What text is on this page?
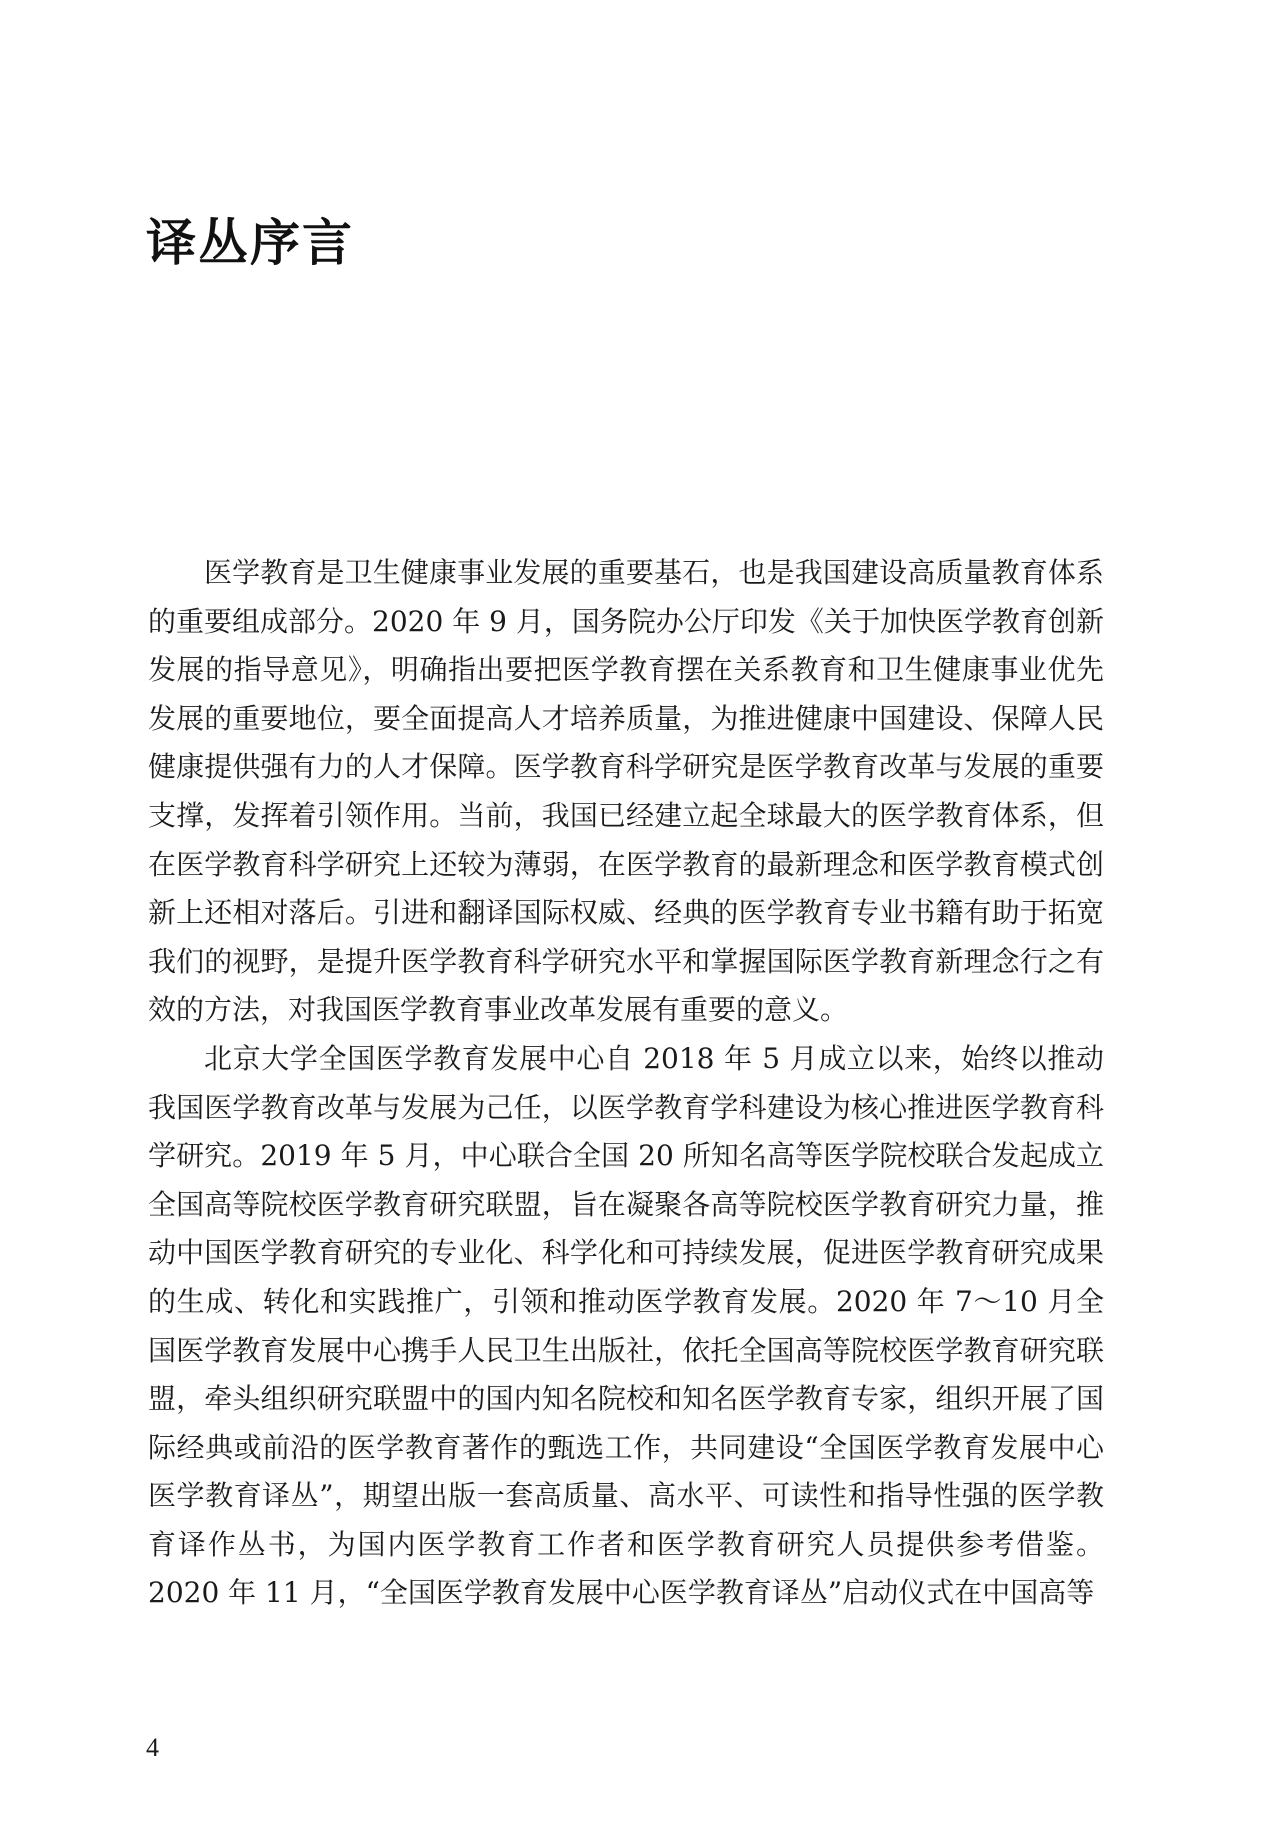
译丛序言

医学教育是卫生健康事业发展的重要基石，也是我国建设高质量教育体系的重要组成部分。2020 年 9 月，国务院办公厅印发《关于加快医学教育创新发展的指导意见》，明确指出要把医学教育摆在关系教育和卫生健康事业优先发展的重要地位，要全面提高人才培养质量，为推进健康中国建设、保障人民健康提供强有力的人才保障。医学教育科学研究是医学教育改革与发展的重要支撑，发挥着引领作用。当前，我国已经建立起全球最大的医学教育体系，但在医学教育科学研究上还较为薄弱，在医学教育的最新理念和医学教育模式创新上还相对落后。引进和翻译国际权威、经典的医学教育专业书籍有助于拓宽我们的视野，是提升医学教育科学研究水平和掌握国际医学教育新理念行之有效的方法，对我国医学教育事业改革发展有重要的意义。

北京大学全国医学教育发展中心自 2018 年 5 月成立以来，始终以推动我国医学教育改革与发展为己任，以医学教育学科建设为核心推进医学教育科学研究。2019 年 5 月，中心联合全国 20 所知名高等医学院校联合发起成立全国高等院校医学教育研究联盟，旨在凝聚各高等院校医学教育研究力量，推动中国医学教育研究的专业化、科学化和可持续发展，促进医学教育研究成果的生成、转化和实践推广，引领和推动医学教育发展。2020 年 7～10 月全国医学教育发展中心携手人民卫生出版社，依托全国高等院校医学教育研究联盟，牵头组织研究联盟中的国内知名院校和知名医学教育专家，组织开展了国际经典或前沿的医学教育著作的甄选工作，共同建设“全国医学教育发展中心医学教育译丛”，期望出版一套高质量、高水平、可读性和指导性强的医学教育译作丛书，为国内医学教育工作者和医学教育研究人员提供参考借鉴。2020 年 11 月，“全国医学教育发展中心医学教育译丛”启动仪式在中国高等

4
